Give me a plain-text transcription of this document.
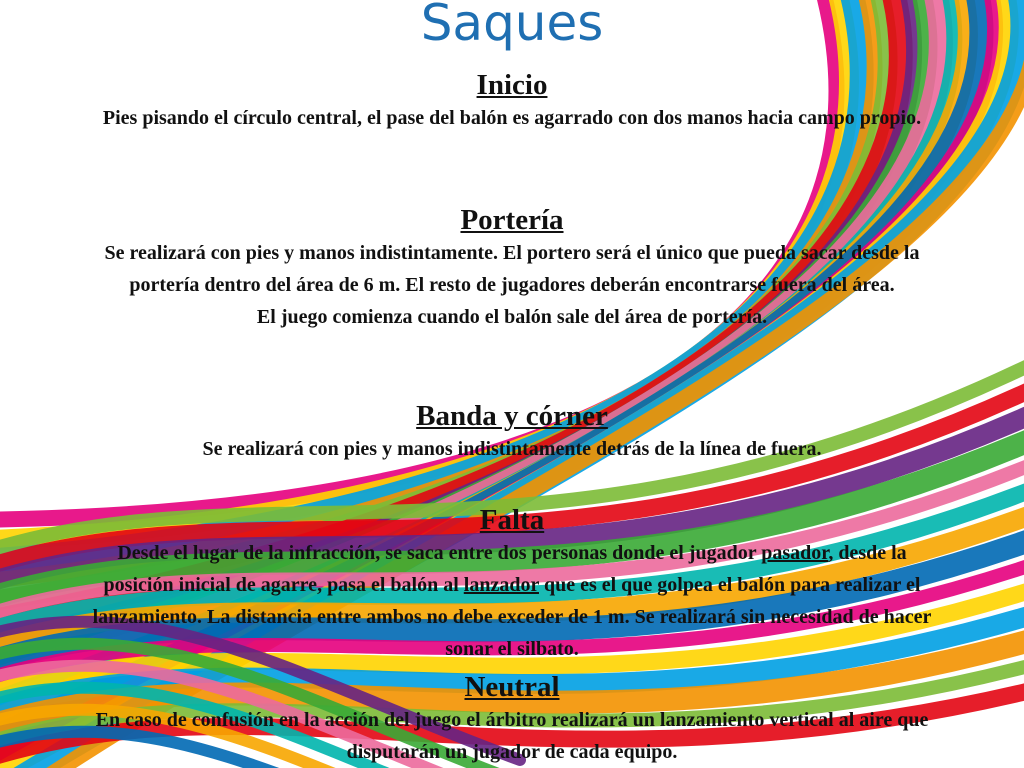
Saques
Inicio

Pies pisando el círculo central, el pase del balón es agarrado con dos manos hacia campo propio.

Portería

Se realizará con pies y manos indistintamente. El portero será el único que pueda sacar desde la portería dentro del área de 6 m. El resto de jugadores deberán encontrarse fuera del área.

El juego comienza cuando el balón sale del área de portería.

Banda y córner

Se realizará con pies y manos indistintamente detrás de la línea de fuera.

Falta

Desde el lugar de la infracción, se saca entre dos personas donde el jugador pasador, desde la posición inicial de agarre, pasa el balón al lanzador que es el que golpea el balón para realizar el lanzamiento. La distancia entre ambos no debe exceder de 1 m. Se realizará sin necesidad de hacer sonar el silbato.

Neutral

En caso de confusión en la acción del juego el árbitro realizará un lanzamiento vertical al aire que disputarán un jugador de cada equipo.
